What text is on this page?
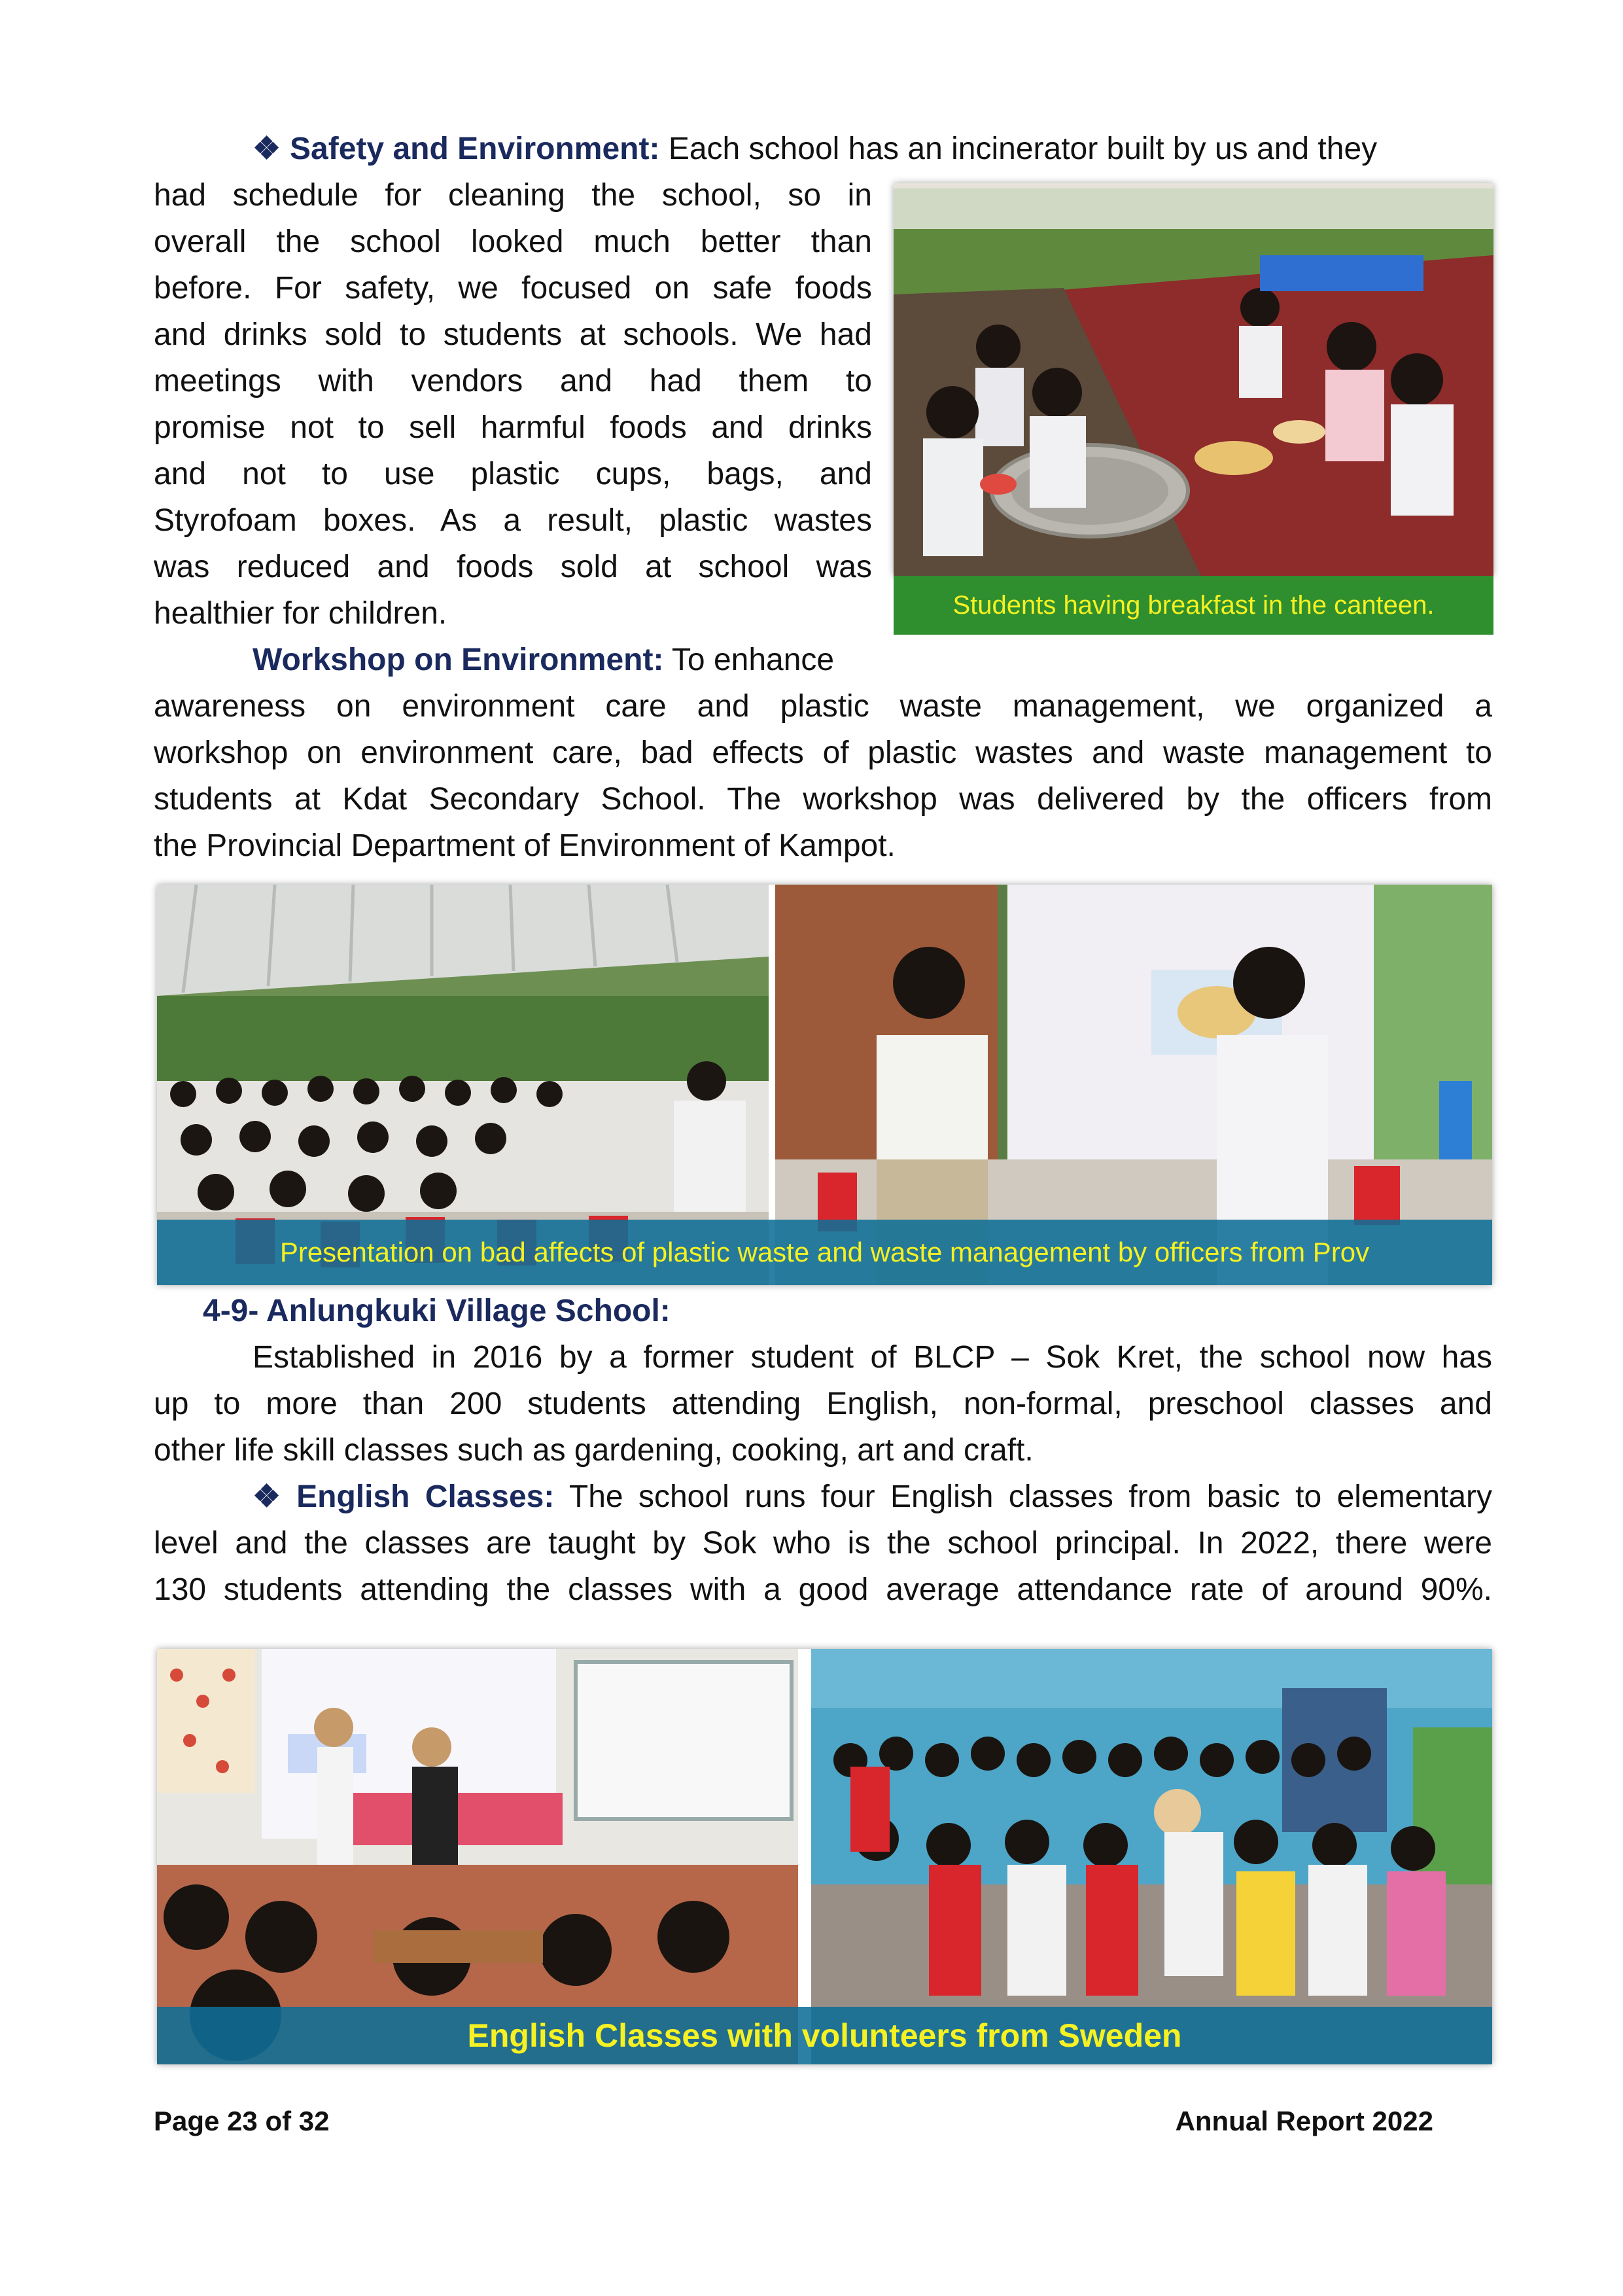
❖ Safety and Environment: Each school has an incinerator built by us and they
had schedule for cleaning the school, so in
overall the school looked much better than
before. For safety, we focused on safe foods
and drinks sold to students at schools. We had
meetings with vendors and had them to
promise not to sell harmful foods and drinks
and not to use plastic cups, bags, and
Styrofoam boxes. As a result, plastic wastes
was reduced and foods sold at school was
healthier for children.
Workshop on Environment: To enhance
awareness on environment care and plastic waste management, we organized a
workshop on environment care, bad effects of plastic wastes and waste management to
students at Kdat Secondary School. The workshop was delivered by the officers from
the Provincial Department of Environment of Kampot.
Students having breakfast in the canteen.
Presentation on bad affects of plastic waste and waste management by officers from Prov
4-9- Anlungkuki Village School:
Established in 2016 by a former student of BLCP – Sok Kret, the school now has
up to more than 200 students attending English, non-formal, preschool classes and
other life skill classes such as gardening, cooking, art and craft.
❖ English Classes: The school runs four English classes from basic to elementary
level and the classes are taught by Sok who is the school principal. In 2022, there were
130 students attending the classes with a good average attendance rate of around 90%.
English Classes with volunteers from Sweden
Page 23 of 32	Annual Report 2022
